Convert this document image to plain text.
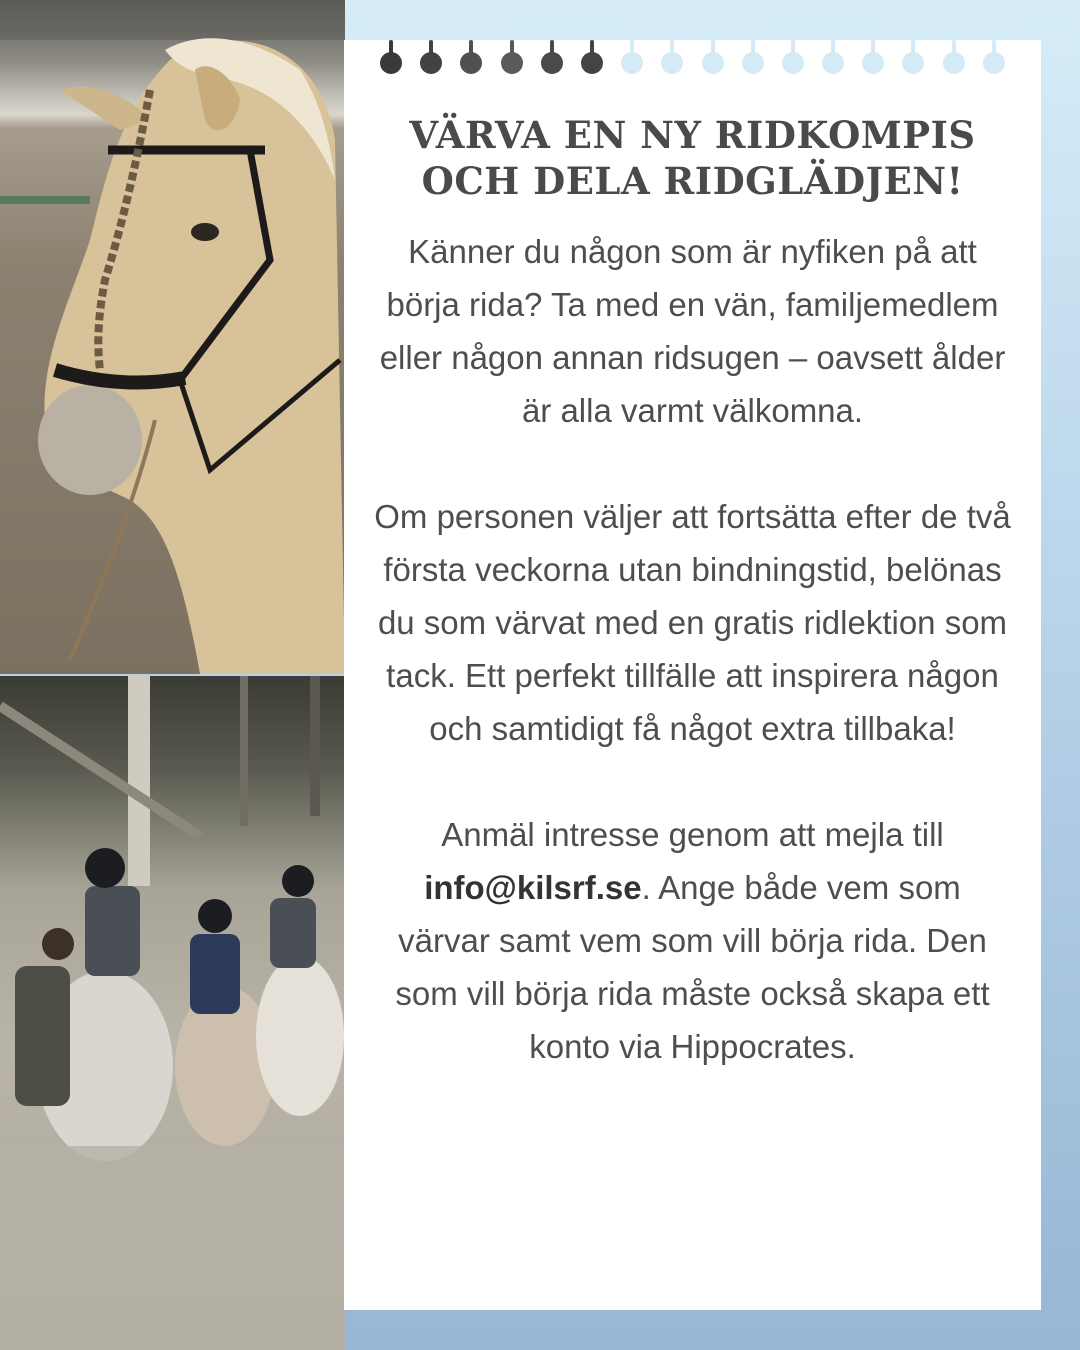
VÄRVA EN NY RIDKOMPIS
OCH DELA RIDGLÄDJEN!

Känner du någon som är nyfiken på att börja rida? Ta med en vän, familjemedlem eller någon annan ridsugen – oavsett ålder är alla varmt välkomna.

Om personen väljer att fortsätta efter de två första veckorna utan bindningstid, belönas du som värvat med en gratis ridlektion som tack. Ett perfekt tillfälle att inspirera någon och samtidigt få något extra tillbaka!

Anmäl intresse genom att mejla till info@kilsrf.se. Ange både vem som värvar samt vem som vill börja rida. Den som vill börja rida måste också skapa ett konto via Hippocrates.
